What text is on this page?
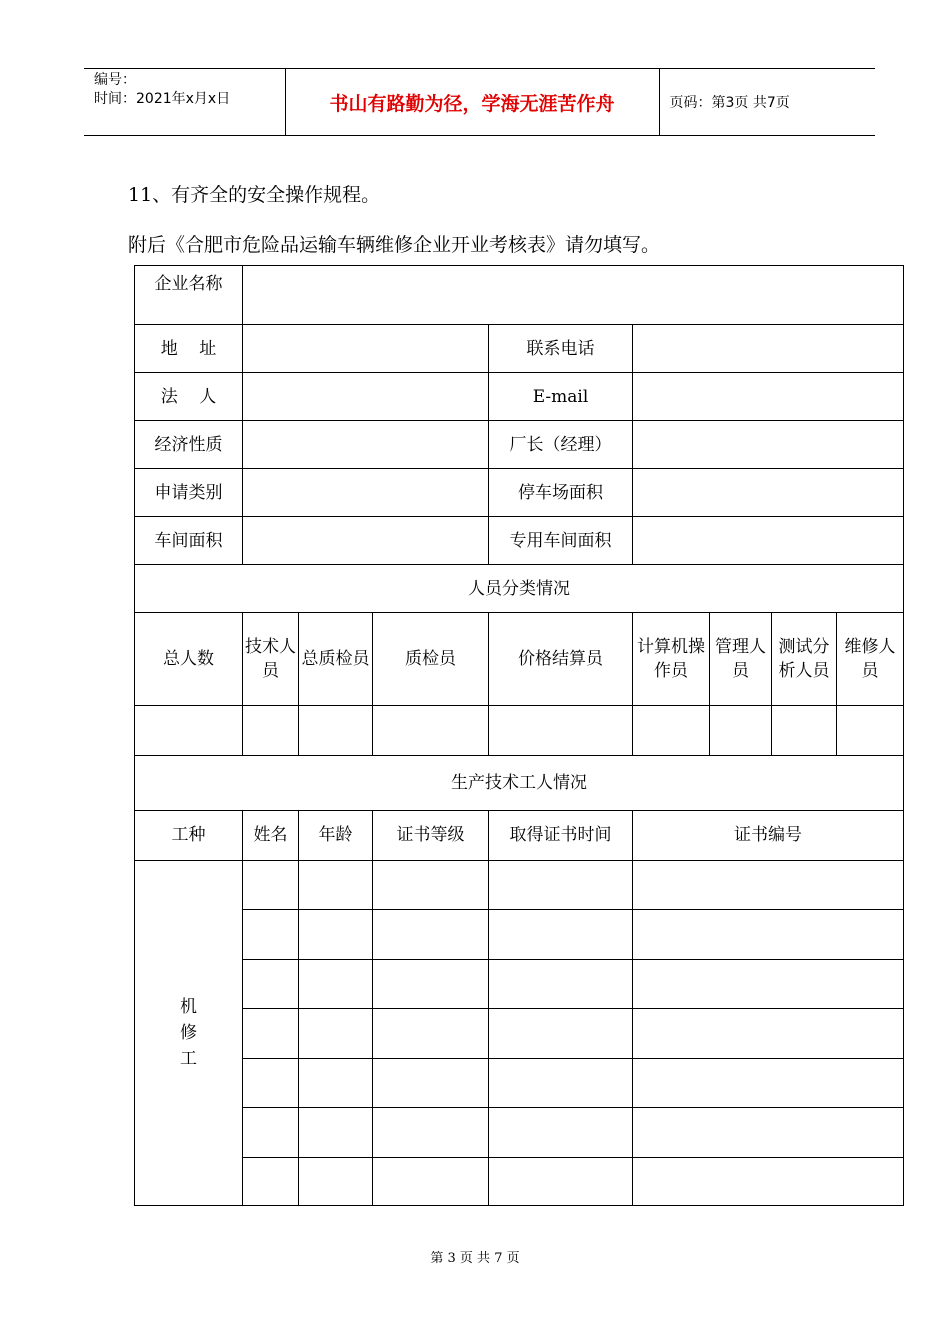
编号：
时间：2021年x月x日	书山有路勤为径，学海无涯苦作舟	页码：第3页 共7页
11、有齐全的安全操作规程。
附后《合肥市危险品运输车辆维修企业开业考核表》请勿填写。
企业名称								
地    址				联系电话				
法    人				E-mail				
经济性质				厂长（经理）				
申请类别				停车场面积				
车间面积				专用车间面积				
人员分类情况								
总人数	技术人员	总质检员	质检员	价格结算员	计算机操作员	管理人员	测试分析人员	维修人员

生产技术工人情况								
工种	姓名	年龄	证书等级	取得证书时间	证书编号			

机修工								

第 3 页 共 7 页
